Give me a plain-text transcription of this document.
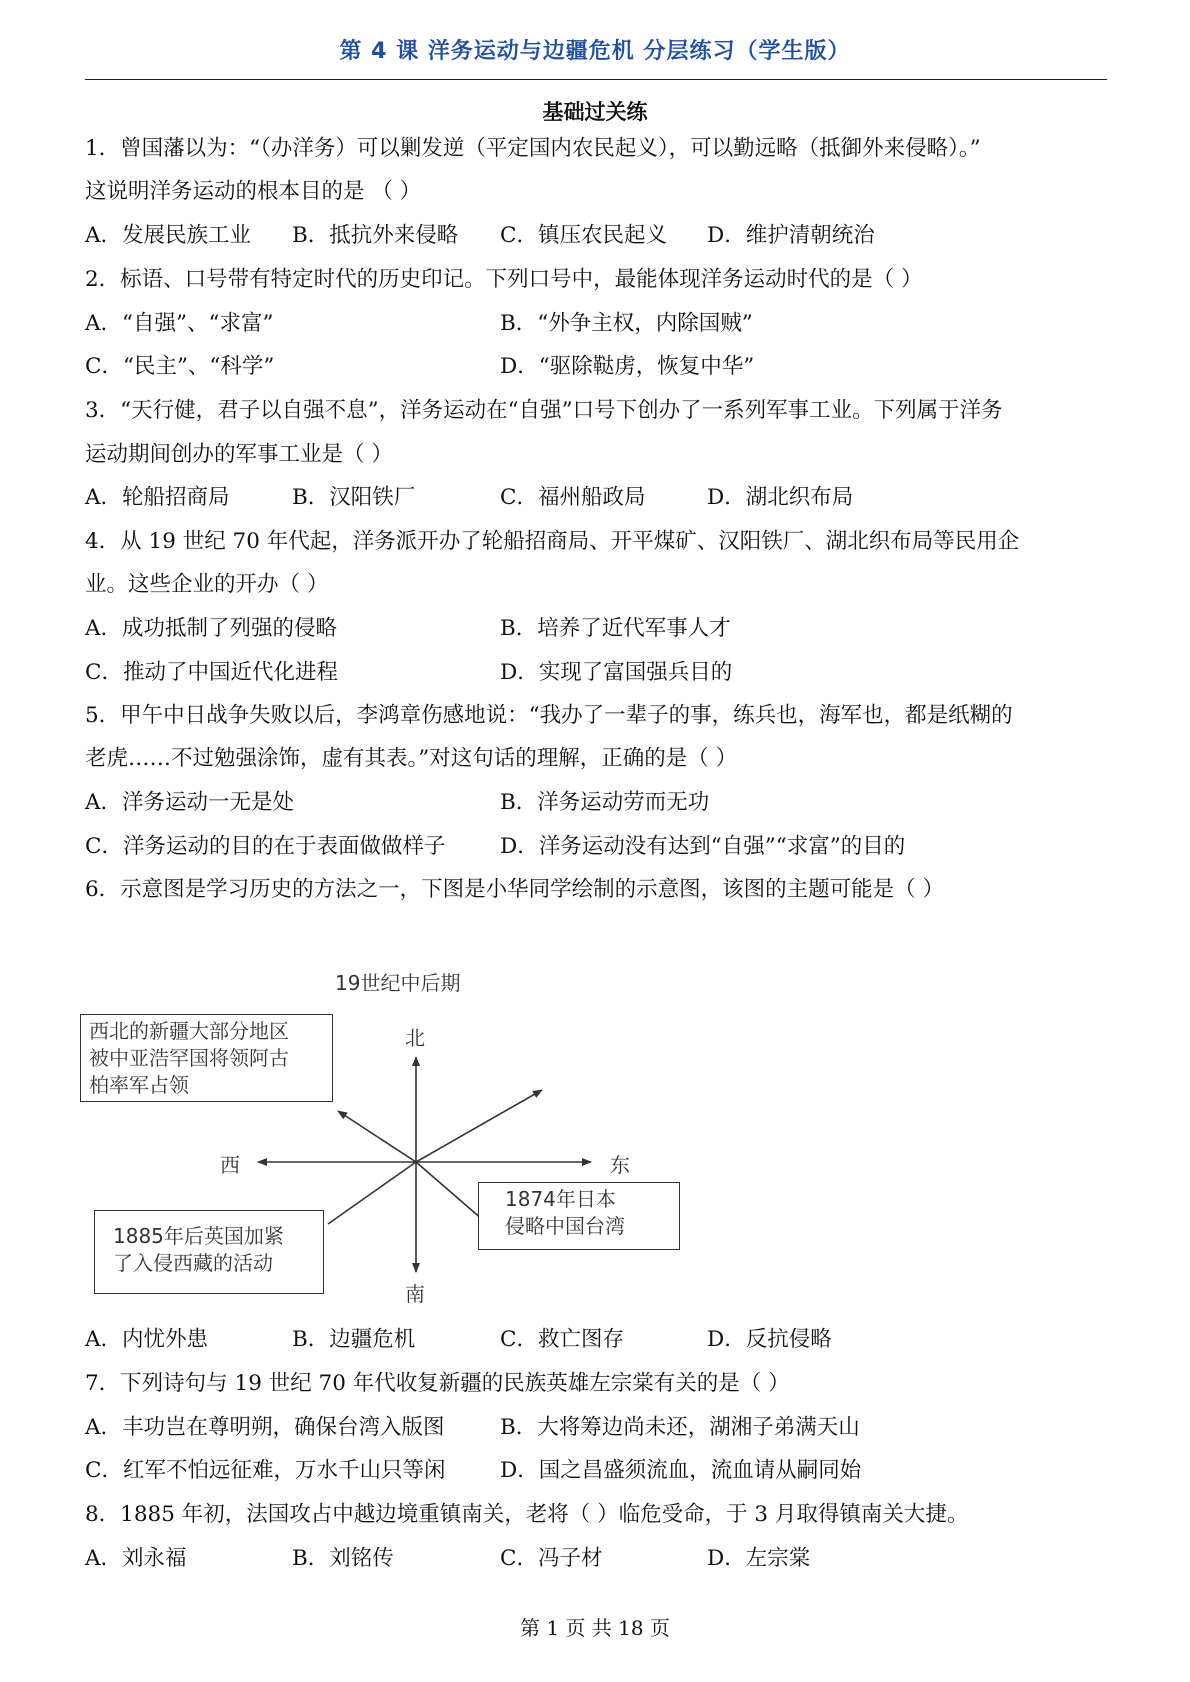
第 4 课 洋务运动与边疆危机 分层练习（学生版）
基础过关练
1．曾国藩以为：“（办洋务）可以剿发逆（平定国内农民起义），可以勤远略（抵御外来侵略）。”
这说明洋务运动的根本目的是 （ ）
A．发展民族工业 B．抵抗外来侵略 C．镇压农民起义 D．维护清朝统治
2．标语、口号带有特定时代的历史印记。下列口号中，最能体现洋务运动时代的是（ ）
A．“自强”、“求富”	B．“外争主权，内除国贼”
C．“民主”、“科学”	D．“驱除鞑虏，恢复中华”
3．“天行健，君子以自强不息”，洋务运动在“自强”口号下创办了一系列军事工业。下列属于洋务
运动期间创办的军事工业是（ ）
A．轮船招商局	B．汉阳铁厂	C．福州船政局	D．湖北织布局
4．从 19 世纪 70 年代起，洋务派开办了轮船招商局、开平煤矿、汉阳铁厂、湖北织布局等民用企
业。这些企业的开办（ ）
A．成功抵制了列强的侵略	B．培养了近代军事人才
C．推动了中国近代化进程	D．实现了富国强兵目的
5．甲午中日战争失败以后，李鸿章伤感地说：“我办了一辈子的事，练兵也，海军也，都是纸糊的
老虎……不过勉强涂饰，虚有其表。”对这句话的理解，正确的是（ ）
A．洋务运动一无是处	B．洋务运动劳而无功
C．洋务运动的目的在于表面做做样子	D．洋务运动没有达到“自强”“求富”的目的
6．示意图是学习历史的方法之一，下图是小华同学绘制的示意图，该图的主题可能是（ ）
19世纪中后期
北
南
西	东
西北的新疆大部分地区
被中亚浩罕国将领阿古
柏率军占领
1885年后英国加紧
了入侵西藏的活动
1874年日本
侵略中国台湾
A．内忧外患	B．边疆危机	C．救亡图存	D．反抗侵略
7．下列诗句与 19 世纪 70 年代收复新疆的民族英雄左宗棠有关的是（ ）
A．丰功岂在尊明朔，确保台湾入版图	B．大将筹边尚未还，湖湘子弟满天山
C．红军不怕远征难，万水千山只等闲	D．国之昌盛须流血，流血请从嗣同始
8．1885 年初，法国攻占中越边境重镇南关，老将（ ）临危受命，于 3 月取得镇南关大捷。
A．刘永福	B．刘铭传	C．冯子材	D．左宗棠
第 1 页 共 18 页
